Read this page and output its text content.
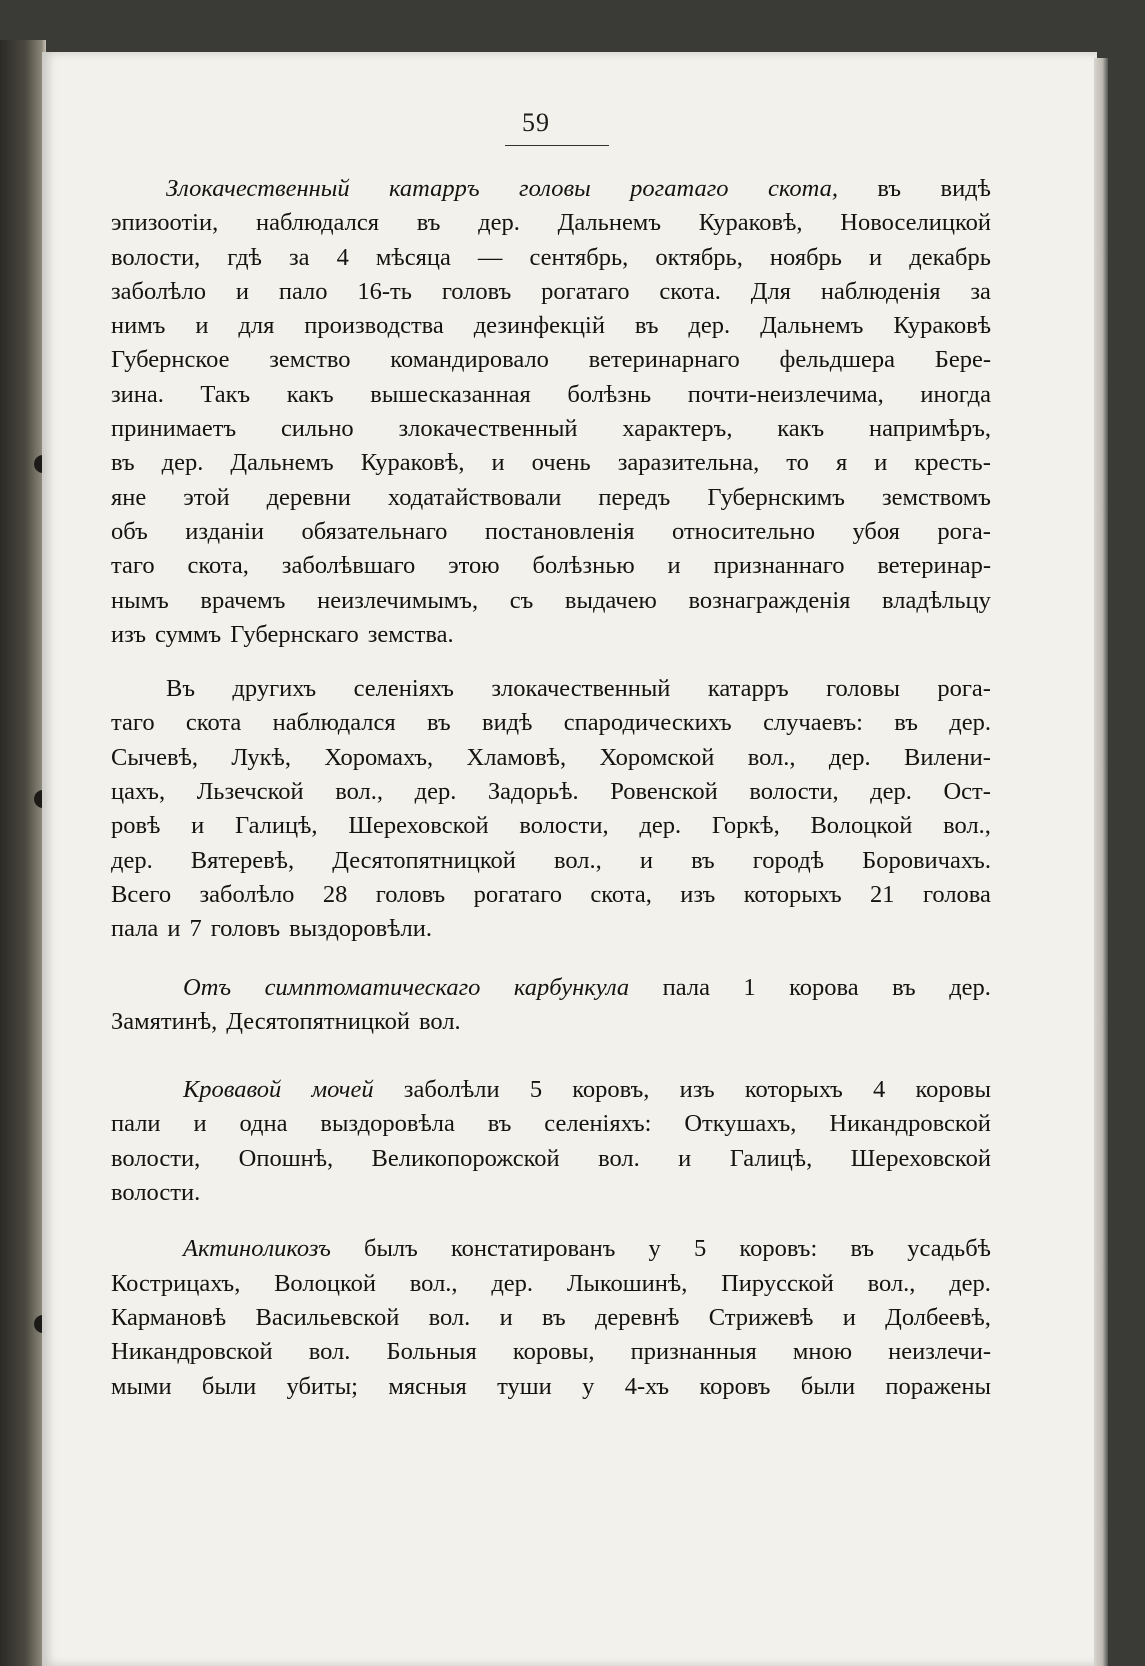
59
Злокачественный катарръ головы рогатаго скота, въ видѣ
эпизоотiи, наблюдался въ дер. Дальнемъ Кураковѣ, Новоселицкой
волости, гдѣ за 4 мѣсяца — сентябрь, октябрь, ноябрь и декабрь
заболѣло и пало 16-ть головъ рогатаго скота. Для наблюденiя за
нимъ и для производства дезинфекцiй въ дер. Дальнемъ Кураковѣ
Губернское земство командировало ветеринарнаго фельдшера Бере-
зина. Такъ какъ вышесказанная болѣзнь почти-неизлечима, иногда
принимаетъ сильно злокачественный характеръ, какъ напримѣръ,
въ дер. Дальнемъ Кураковѣ, и очень заразительна, то я и кресть-
яне этой деревни ходатайствовали передъ Губернскимъ земствомъ
объ изданiи обязательнаго постановленiя относительно убоя рога-
таго скота, заболѣвшаго этою болѣзнью и признаннаго ветеринар-
нымъ врачемъ неизлечимымъ, съ выдачею вознагражденiя владѣльцу
изъ суммъ Губернскаго земства.
Въ другихъ селенiяхъ злокачественный катарръ головы рога-
таго скота наблюдался въ видѣ спародическихъ случаевъ: въ дер.
Сычевѣ, Лукѣ, Хоромахъ, Хламовѣ, Хоромской вол., дер. Вилени-
цахъ, Льзечской вол., дер. Задорьѣ. Ровенской волости, дер. Ост-
ровѣ и Галицѣ, Шереховской волости, дер. Горкѣ, Волоцкой вол.,
дер. Вятеревѣ, Десятопятницкой вол., и въ городѣ Боровичахъ.
Всего заболѣло 28 головъ рогатаго скота, изъ которыхъ 21 голова
пала и 7 головъ выздоровѣли.
Отъ симптоматическаго карбункула пала 1 корова въ дер.
Замятинѣ, Десятопятницкой вол.
Кровавой мочей заболѣли 5 коровъ, изъ которыхъ 4 коровы
пали и одна выздоровѣла въ селенiяхъ: Откушахъ, Никандровской
волости, Опошнѣ, Великопорожской вол. и Галицѣ, Шереховской
волости.
Актинoликозъ былъ констатированъ у 5 коровъ: въ усадьбѣ
Кострицахъ, Волоцкой вол., дер. Лыкошинѣ, Пирусской вол., дер.
Кармановѣ Васильевской вол. и въ деревнѣ Стрижевѣ и Долбеевѣ,
Никандровской вол. Больныя коровы, признанныя мною неизлечи-
мыми были убиты; мясныя туши у 4-хъ коровъ были поражены
